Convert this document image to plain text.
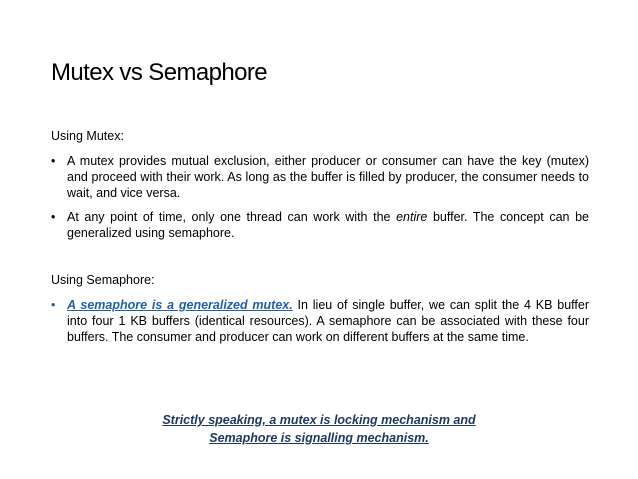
Mutex vs Semaphore
Using Mutex:
• A mutex provides mutual exclusion, either producer or consumer can have the key (mutex) and proceed with their work. As long as the buffer is filled by producer, the consumer needs to wait, and vice versa.
• At any point of time, only one thread can work with the entire buffer. The concept can be generalized using semaphore.
Using Semaphore:
• A semaphore is a generalized mutex. In lieu of single buffer, we can split the 4 KB buffer into four 1 KB buffers (identical resources). A semaphore can be associated with these four buffers. The consumer and producer can work on different buffers at the same time.
Strictly speaking, a mutex is locking mechanism and
Semaphore is signalling mechanism.
